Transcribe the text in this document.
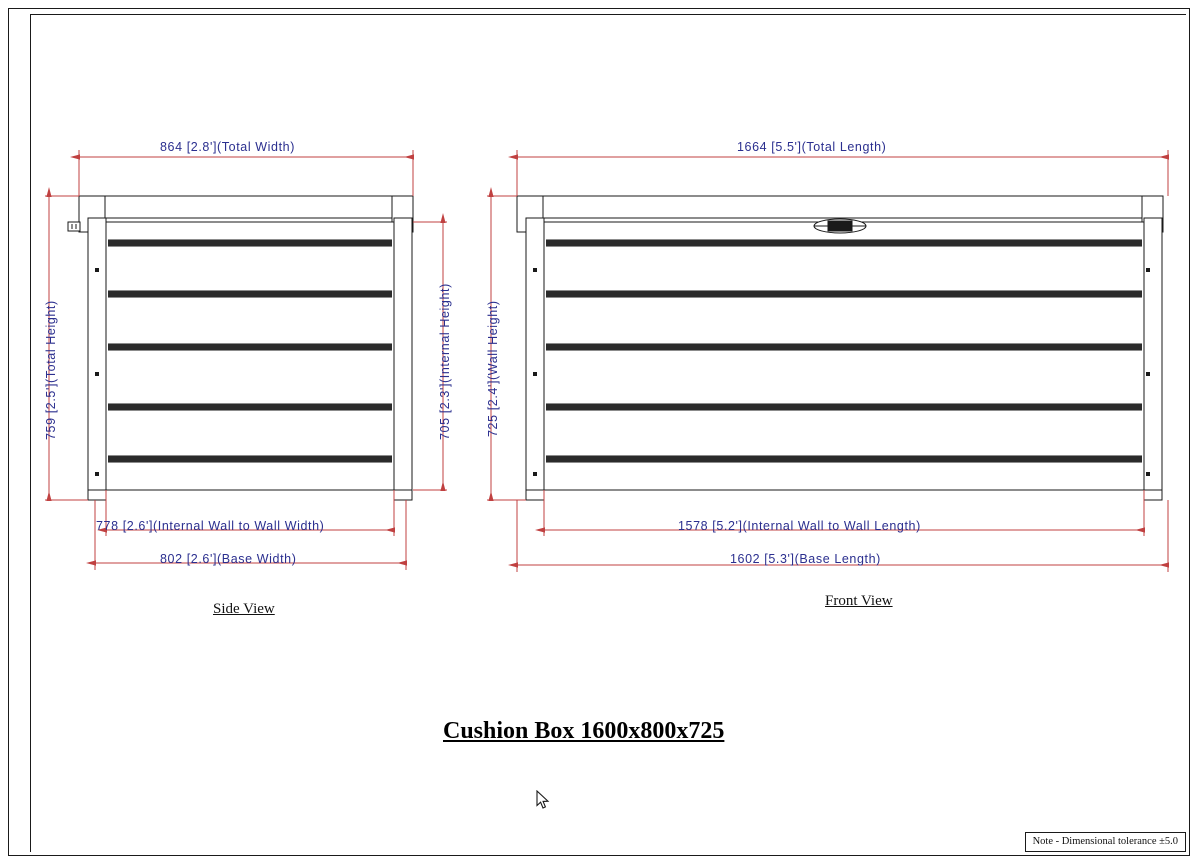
864 [2.8'](Total Width)
759 [2.5'](Total Height)	705 [2.3'](Internal Height)
778 [2.6'](Internal Wall to Wall Width)
802 [2.6'](Base Width)
1664 [5.5'](Total Length)
725 [2.4'](Wall Height)
1578 [5.2'](Internal Wall to Wall Length)
1602 [5.3'](Base Length)
Side View	Front View
Cushion Box 1600x800x725
Note - Dimensional tolerance ±5.0
